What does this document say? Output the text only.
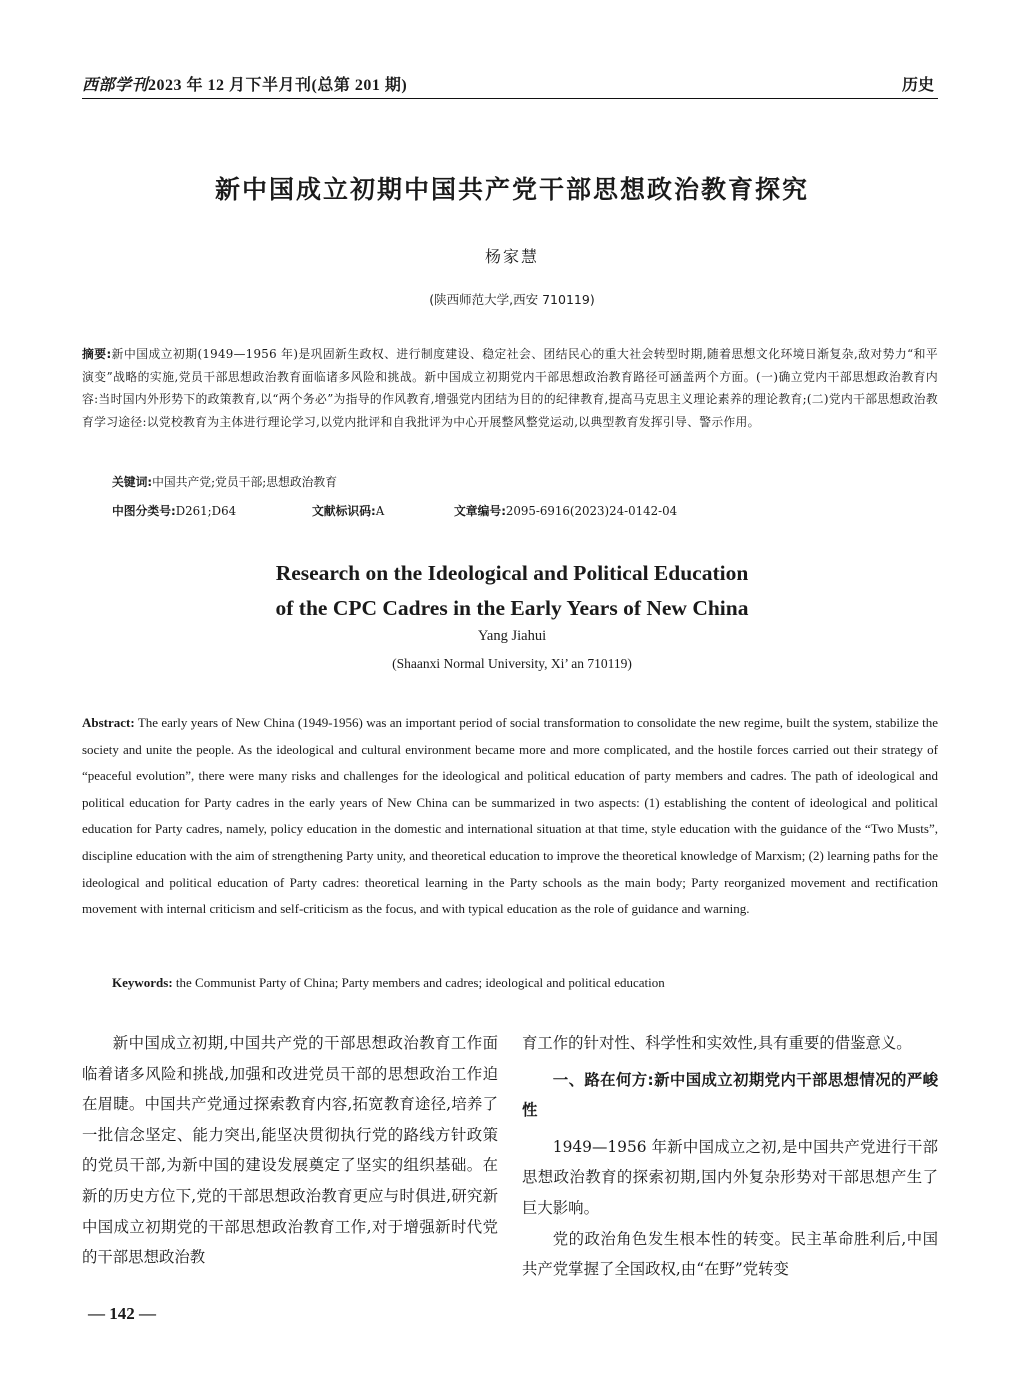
西部学刊2023 年 12 月下半月刊(总第 201 期)	历史
新中国成立初期中国共产党干部思想政治教育探究
杨家慧
(陕西师范大学,西安 710119)
摘要:新中国成立初期(1949—1956 年)是巩固新生政权、进行制度建设、稳定社会、团结民心的重大社会转型时期,随着思想文化环境日渐复杂,敌对势力“和平演变”战略的实施,党员干部思想政治教育面临诸多风险和挑战。新中国成立初期党内干部思想政治教育路径可涵盖两个方面。(一)确立党内干部思想政治教育内容:当时国内外形势下的政策教育,以“两个务必”为指导的作风教育,增强党内团结为目的的纪律教育,提高马克思主义理论素养的理论教育;(二)党内干部思想政治教育学习途径:以党校教育为主体进行理论学习,以党内批评和自我批评为中心开展整风整党运动,以典型教育发挥引导、警示作用。
关键词:中国共产党;党员干部;思想政治教育
中图分类号:D261;D64	文献标识码:A	文章编号:2095-6916(2023)24-0142-04
Research on the Ideological and Political Education
of the CPC Cadres in the Early Years of New China
Yang Jiahui
(Shaanxi Normal University, Xi’ an 710119)
Abstract: The early years of New China (1949-1956) was an important period of social transformation to consolidate the new regime, built the system, stabilize the society and unite the people. As the ideological and cultural environment became more and more complicated, and the hostile forces carried out their strategy of “peaceful evolution”, there were many risks and challenges for the ideological and political education of party members and cadres. The path of ideological and political education for Party cadres in the early years of New China can be summarized in two aspects: (1) establishing the content of ideological and political education for Party cadres, namely, policy education in the domestic and international situation at that time, style education with the guidance of the “Two Musts”, discipline education with the aim of strengthening Party unity, and theoretical education to improve the theoretical knowledge of Marxism; (2) learning paths for the ideological and political education of Party cadres: theoretical learning in the Party schools as the main body; Party reorganized movement and rectification movement with internal criticism and self-criticism as the focus, and with typical education as the role of guidance and warning.
Keywords: the Communist Party of China; Party members and cadres; ideological and political education

新中国成立初期,中国共产党的干部思想政治教育工作面临着诸多风险和挑战,加强和改进党员干部的思想政治工作迫在眉睫。中国共产党通过探索教育内容,拓宽教育途径,培养了一批信念坚定、能力突出,能坚决贯彻执行党的路线方针政策的党员干部,为新中国的建设发展奠定了坚实的组织基础。在新的历史方位下,党的干部思想政治教育更应与时俱进,研究新中国成立初期党的干部思想政治教育工作,对于增强新时代党的干部思想政治教

育工作的针对性、科学性和实效性,具有重要的借鉴意义。

一、路在何方:新中国成立初期党内干部思想情况的严峻性

1949—1956 年新中国成立之初,是中国共产党进行干部思想政治教育的探索初期,国内外复杂形势对干部思想产生了巨大影响。

党的政治角色发生根本性的转变。民主革命胜利后,中国共产党掌握了全国政权,由“在野”党转变

— 142 —
